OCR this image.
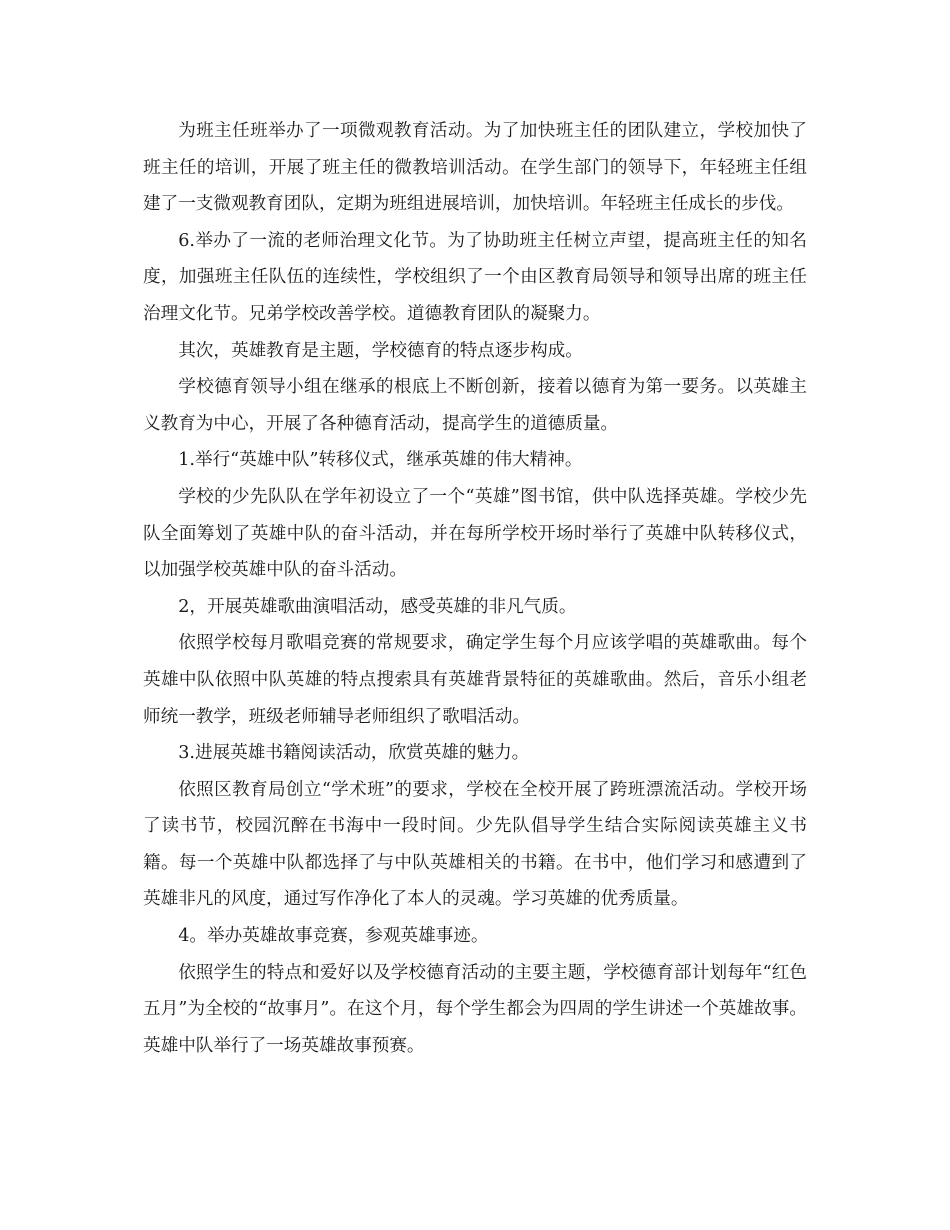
为班主任班举办了一项微观教育活动。为了加快班主任的团队建立，学校加快了班主任的培训，开展了班主任的微教培训活动。在学生部门的领导下，年轻班主任组建了一支微观教育团队，定期为班组进展培训，加快培训。年轻班主任成长的步伐。

6.举办了一流的老师治理文化节。为了协助班主任树立声望，提高班主任的知名度，加强班主任队伍的连续性，学校组织了一个由区教育局领导和领导出席的班主任治理文化节。兄弟学校改善学校。道德教育团队的凝聚力。

其次，英雄教育是主题，学校德育的特点逐步构成。

学校德育领导小组在继承的根底上不断创新，接着以德育为第一要务。以英雄主义教育为中心，开展了各种德育活动，提高学生的道德质量。

1.举行“英雄中队”转移仪式，继承英雄的伟大精神。

学校的少先队队在学年初设立了一个“英雄”图书馆，供中队选择英雄。学校少先队全面筹划了英雄中队的奋斗活动，并在每所学校开场时举行了英雄中队转移仪式，以加强学校英雄中队的奋斗活动。

2，开展英雄歌曲演唱活动，感受英雄的非凡气质。

依照学校每月歌唱竞赛的常规要求，确定学生每个月应该学唱的英雄歌曲。每个英雄中队依照中队英雄的特点搜索具有英雄背景特征的英雄歌曲。然后，音乐小组老师统一教学，班级老师辅导老师组织了歌唱活动。

3.进展英雄书籍阅读活动，欣赏英雄的魅力。

依照区教育局创立“学术班”的要求，学校在全校开展了跨班漂流活动。学校开场了读书节，校园沉醉在书海中一段时间。少先队倡导学生结合实际阅读英雄主义书籍。每一个英雄中队都选择了与中队英雄相关的书籍。在书中，他们学习和感遭到了英雄非凡的风度，通过写作净化了本人的灵魂。学习英雄的优秀质量。

4。举办英雄故事竞赛，参观英雄事迹。

依照学生的特点和爱好以及学校德育活动的主要主题，学校德育部计划每年“红色五月”为全校的“故事月”。在这个月，每个学生都会为四周的学生讲述一个英雄故事。英雄中队举行了一场英雄故事预赛。
